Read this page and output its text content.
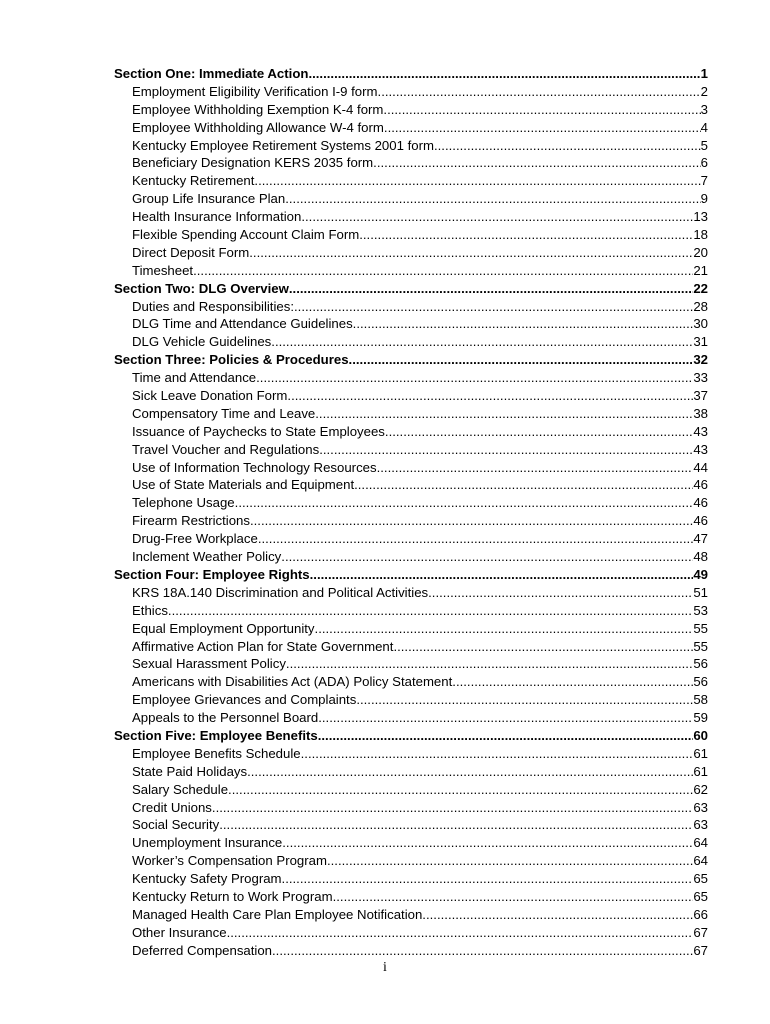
Section One: Immediate Action .....	1
Employment Eligibility Verification I-9 form .....	2
Employee Withholding Exemption K-4 form .....	3
Employee Withholding Allowance W-4 form .....	4
Kentucky Employee Retirement Systems 2001 form .....	5
Beneficiary Designation KERS 2035 form .....	6
Kentucky Retirement .....	7
Group Life Insurance Plan .....	9
Health Insurance Information .....	13
Flexible Spending Account Claim Form .....	18
Direct Deposit Form .....	20
Timesheet .....	21
Section Two: DLG Overview .....	22
Duties and Responsibilities: .....	28
DLG Time and Attendance Guidelines .....	30
DLG Vehicle Guidelines .....	31
Section Three: Policies & Procedures .....	32
Time and Attendance .....	33
Sick Leave Donation Form .....	37
Compensatory Time and Leave .....	38
Issuance of Paychecks to State Employees .....	43
Travel Voucher and Regulations .....	43
Use of Information Technology Resources .....	44
Use of State Materials and Equipment .....	46
Telephone Usage .....	46
Firearm Restrictions .....	46
Drug-Free Workplace .....	47
Inclement Weather Policy .....	48
Section Four: Employee Rights .....	49
KRS 18A.140 Discrimination and Political Activities .....	51
Ethics .....	53
Equal Employment Opportunity .....	55
Affirmative Action Plan for State Government .....	55
Sexual Harassment Policy .....	56
Americans with Disabilities Act (ADA) Policy Statement .....	56
Employee Grievances and Complaints .....	58
Appeals to the Personnel Board .....	59
Section Five: Employee Benefits .....	60
Employee Benefits Schedule .....	61
State Paid Holidays .....	61
Salary Schedule .....	62
Credit Unions .....	63
Social Security .....	63
Unemployment Insurance .....	64
Worker’s Compensation Program .....	64
Kentucky Safety Program .....	65
Kentucky Return to Work Program .....	65
Managed Health Care Plan Employee Notification .....	66
Other Insurance .....	67
Deferred Compensation .....	67
i
